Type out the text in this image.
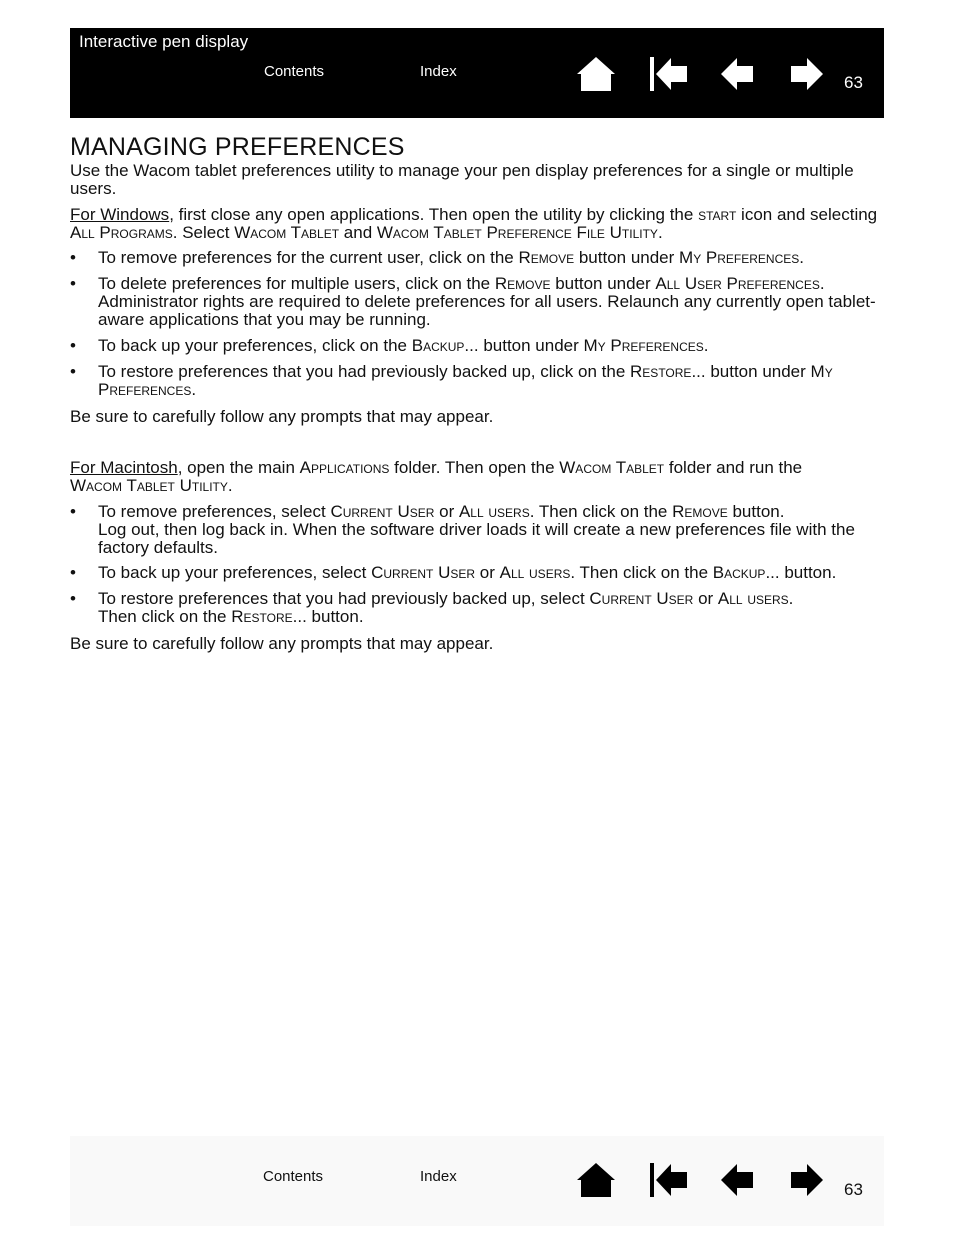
Interactive pen display
Contents	Index
63
MANAGING PREFERENCES

Use the Wacom tablet preferences utility to manage your pen display preferences for a single or multiple users.

For Windows, first close any open applications. Then open the utility by clicking the start icon and selecting All Programs. Select Wacom Tablet and Wacom Tablet Preference File Utility.

• To remove preferences for the current user, click on the Remove button under My Preferences.
• To delete preferences for multiple users, click on the Remove button under All User Preferences.
Administrator rights are required to delete preferences for all users. Relaunch any currently open tablet-aware applications that you may be running.
• To back up your preferences, click on the Backup... button under My Preferences.
• To restore preferences that you had previously backed up, click on the Restore... button under My Preferences.

Be sure to carefully follow any prompts that may appear.

For Macintosh, open the main Applications folder. Then open the Wacom Tablet folder and run the
Wacom Tablet Utility.

• To remove preferences, select Current User or All users. Then click on the Remove button.
Log out, then log back in. When the software driver loads it will create a new preferences file with the factory defaults.
• To back up your preferences, select Current User or All users. Then click on the Backup... button.
• To restore preferences that you had previously backed up, select Current User or All users.
Then click on the Restore... button.

Be sure to carefully follow any prompts that may appear.

Contents	Index
63
